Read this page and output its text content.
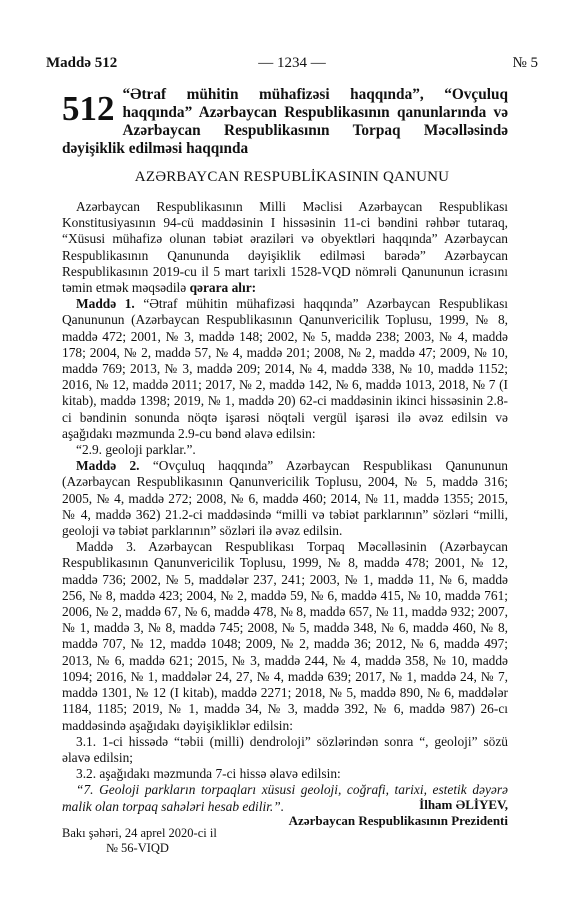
Maddə 512	— 1234 —	№ 5
512 “Ətraf mühitin mühafizəsi haqqında”, “Ovçuluq haqqında” Azərbaycan Respublikasının qanunlarında və Azərbaycan Respublikasının Torpaq Məcəlləsində dəyişiklik edilməsi haqqında
AZƏRBAYCAN RESPUBLİKASININ QANUNU

Azərbaycan Respublikasının Milli Məclisi Azərbaycan Respublikası Konstitusiyasının 94-cü maddəsinin I hissəsinin 11-ci bəndini rəhbər tutaraq, “Xüsusi mühafizə olunan təbiət əraziləri və obyektləri haqqında” Azərbaycan Respublikasının Qanununda dəyişiklik edilməsi barədə” Azərbaycan Respublikasının 2019-cu il 5 mart tarixli 1528-VQD nömrəli Qanununun icrasını təmin etmək məqsədilə qərara alır:

Maddə 1. “Ətraf mühitin mühafizəsi haqqında” Azərbaycan Respublikası Qanununun (Azərbaycan Respublikasının Qanunvericilik Toplusu, 1999, № 8, maddə 472; 2001, № 3, maddə 148; 2002, № 5, maddə 238; 2003, № 4, maddə 178; 2004, № 2, maddə 57, № 4, maddə 201; 2008, № 2, maddə 47; 2009, № 10, maddə 769; 2013, № 3, maddə 209; 2014, № 4, maddə 338, № 10, maddə 1152; 2016, № 12, maddə 2011; 2017, № 2, maddə 142, № 6, maddə 1013, 2018, № 7 (I kitab), maddə 1398; 2019, № 1, maddə 20) 62-ci maddəsinin ikinci hissəsinin 2.8-ci bəndinin sonunda nöqtə işarəsi nöqtəli vergül işarəsi ilə əvəz edilsin və aşağıdakı məzmunda 2.9-cu bənd əlavə edilsin:

“2.9. geoloji parklar.”.

Maddə 2. “Ovçuluq haqqında” Azərbaycan Respublikası Qanununun (Azərbaycan Respublikasının Qanunvericilik Toplusu, 2004, № 5, maddə 316; 2005, № 4, maddə 272; 2008, № 6, maddə 460; 2014, № 11, maddə 1355; 2015, № 4, maddə 362) 21.2-ci maddəsində “milli və təbiət parklarının” sözləri “milli, geoloji və təbiət parklarının” sözləri ilə əvəz edilsin.

Maddə 3. Azərbaycan Respublikası Torpaq Məcəlləsinin (Azərbaycan Respublikasının Qanunvericilik Toplusu, 1999, № 8, maddə 478; 2001, № 12, maddə 736; 2002, № 5, maddələr 237, 241; 2003, № 1, maddə 11, № 6, maddə 256, № 8, maddə 423; 2004, № 2, maddə 59, № 6, maddə 415, № 10, maddə 761; 2006, № 2, maddə 67, № 6, maddə 478, № 8, maddə 657, № 11, maddə 932; 2007, № 1, maddə 3, № 8, maddə 745; 2008, № 5, maddə 348, № 6, maddə 460, № 8, maddə 707, № 12, maddə 1048; 2009, № 2, maddə 36; 2012, № 6, maddə 497; 2013, № 6, maddə 621; 2015, № 3, maddə 244, № 4, maddə 358, № 10, maddə 1094; 2016, № 1, maddələr 24, 27, № 4, maddə 639; 2017, № 1, maddə 24, № 7, maddə 1301, № 12 (I kitab), maddə 2271; 2018, № 5, maddə 890, № 6, maddələr 1184, 1185; 2019, № 1, maddə 34, № 3, maddə 392, № 6, maddə 987) 26-cı maddəsində aşağıdakı dəyişikliklər edilsin:

3.1. 1-ci hissədə “təbii (milli) dendroloji” sözlərindən sonra “, geoloji” sözü əlavə edilsin;

3.2. aşağıdakı məzmunda 7-ci hissə əlavə edilsin:

“7. Geoloji parkların torpaqları xüsusi geoloji, coğrafi, tarixi, estetik dəyərə malik olan torpaq sahələri hesab edilir.”.	İlham ƏLİYEV,
Azərbaycan Respublikasının Prezidenti
Bakı şəhəri, 24 aprel 2020-ci il
№ 56-VIQD
